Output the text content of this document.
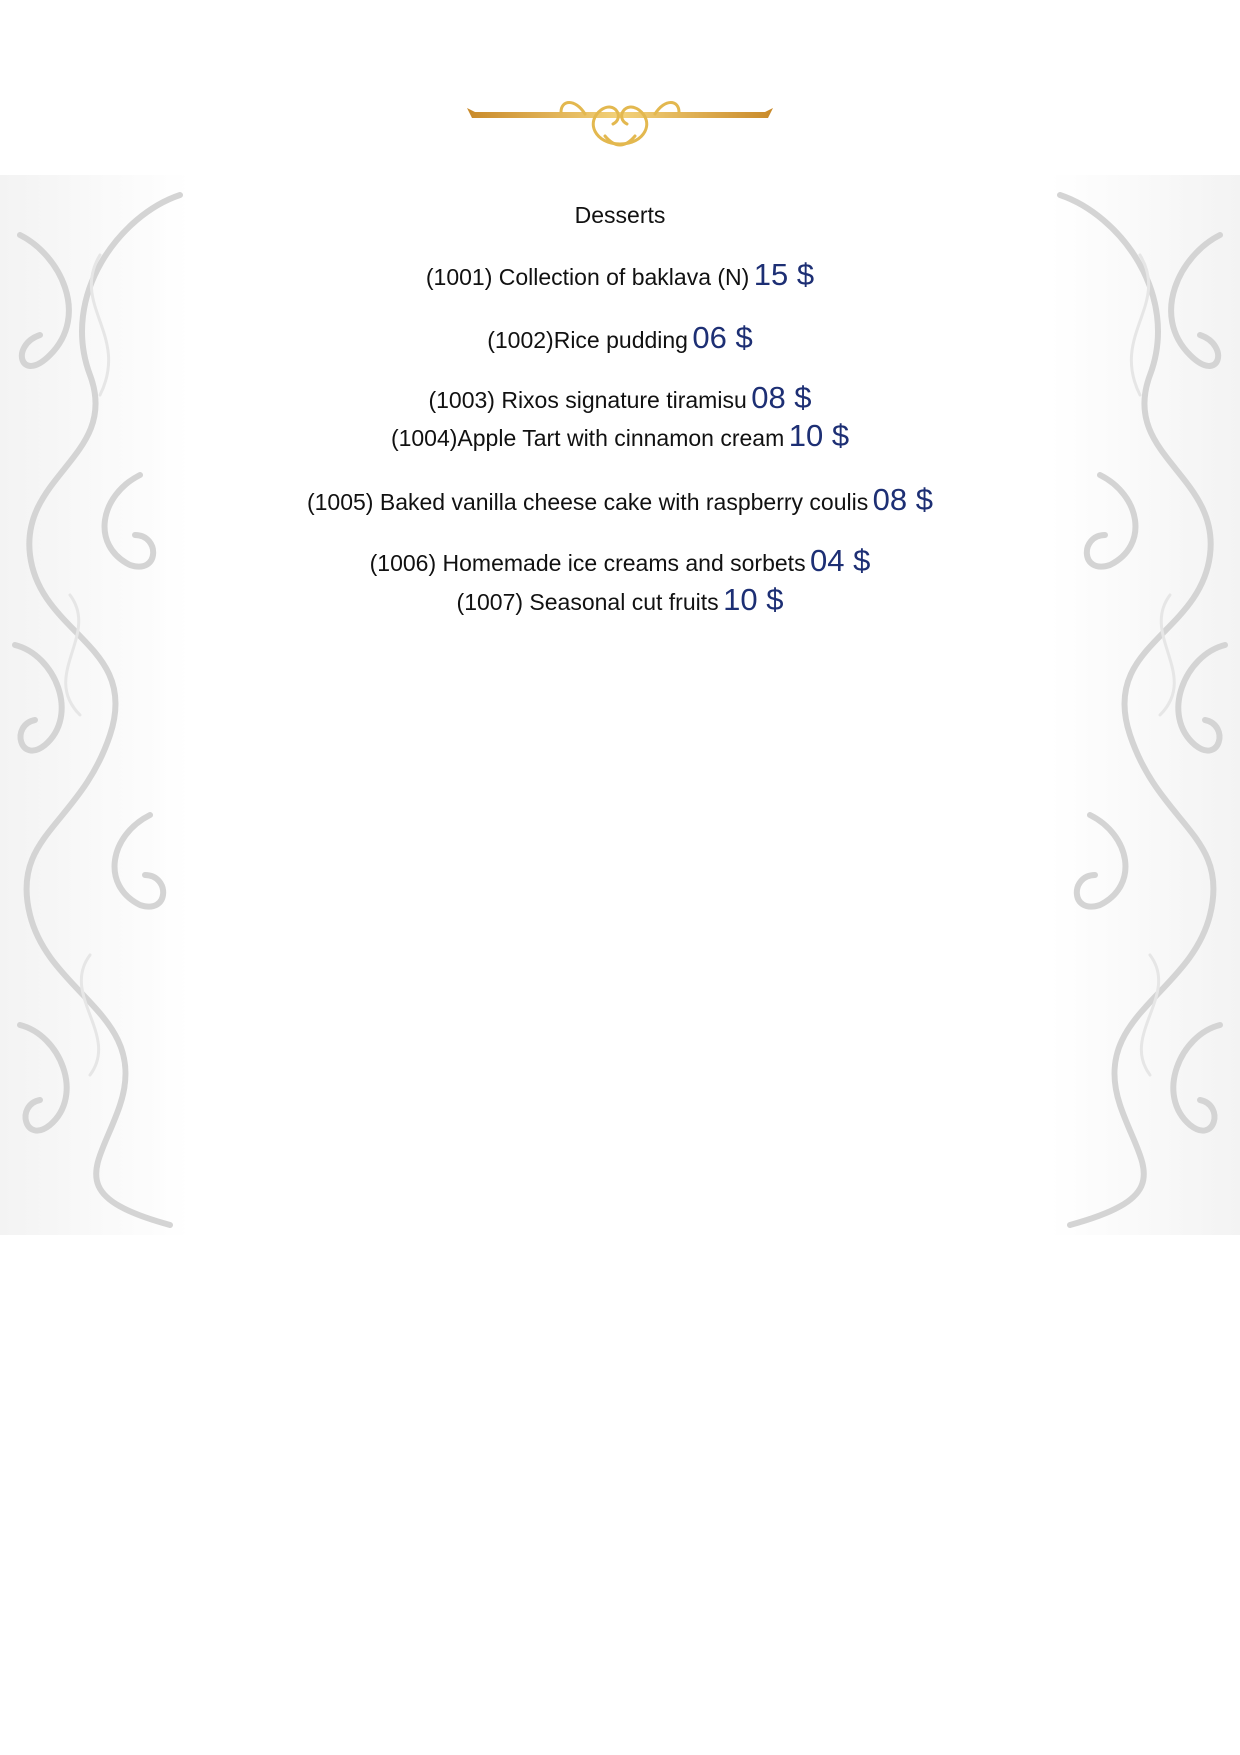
Desserts
(1001) Collection of baklava (N) 15 $
(1002)Rice pudding 06 $
(1003) Rixos signature tiramisu 08 $
(1004)Apple Tart with cinnamon cream 10 $
(1005) Baked vanilla cheese cake with raspberry coulis 08 $
(1006) Homemade ice creams and sorbets 04 $
(1007) Seasonal cut fruits 10 $
